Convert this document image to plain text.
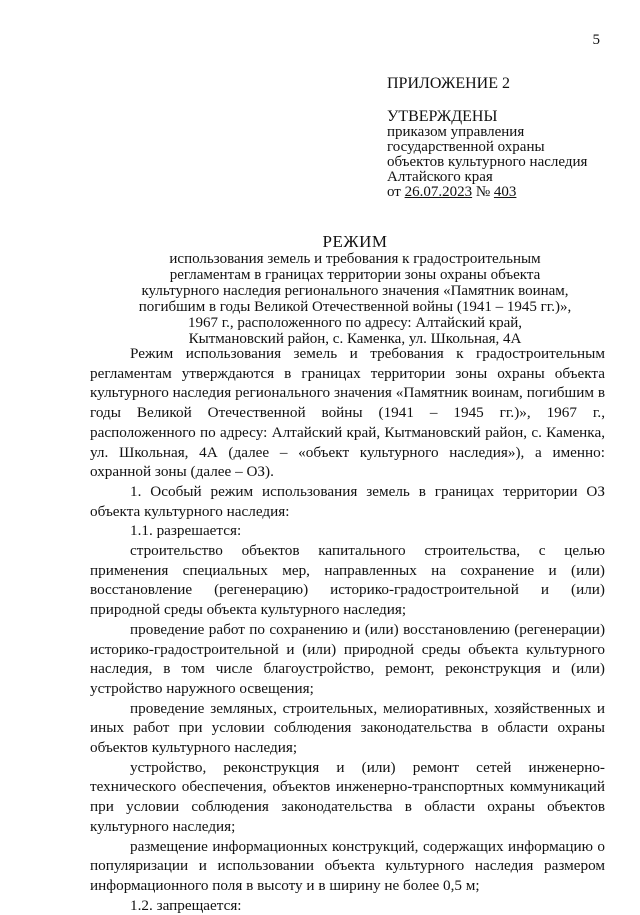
5
ПРИЛОЖЕНИЕ 2
УТВЕРЖДЕНЫ
приказом управления
государственной охраны
объектов культурного наследия
Алтайского края
от 26.07.2023 № 403
РЕЖИМ
использования земель и требования к градостроительным
регламентам в границах территории зоны охраны объекта
культурного наследия регионального значения «Памятник воинам,
погибшим в годы Великой Отечественной войны (1941 – 1945 гг.)»,
1967 г., расположенного по адресу: Алтайский край,
Кытмановский район, с. Каменка, ул. Школьная, 4А

Режим использования земель и требования к градостроительным регламентам утверждаются в границах территории зоны охраны объекта культурного наследия регионального значения «Памятник воинам, погибшим в годы Великой Отечественной войны (1941 – 1945 гг.)», 1967 г., расположенного по адресу: Алтайский край, Кытмановский район, с. Каменка, ул. Школьная, 4А (далее – «объект культурного наследия»), а именно: охранной зоны (далее – ОЗ).

1. Особый режим использования земель в границах территории ОЗ объекта культурного наследия:

1.1. разрешается:

строительство объектов капитального строительства, с целью применения специальных мер, направленных на сохранение и (или) восстановление (регенерацию) историко-градостроительной и (или) природной среды объекта культурного наследия;

проведение работ по сохранению и (или) восстановлению (регенерации) историко-градостроительной и (или) природной среды объекта культурного наследия, в том числе благоустройство, ремонт, реконструкция и (или) устройство наружного освещения;

проведение земляных, строительных, мелиоративных, хозяйственных и иных работ при условии соблюдения законодательства в области охраны объектов культурного наследия;

устройство, реконструкция и (или) ремонт сетей инженерно-технического обеспечения, объектов инженерно-транспортных коммуникаций при условии соблюдения законодательства в области охраны объектов культурного наследия;

размещение информационных конструкций, содержащих информацию о популяризации и использовании объекта культурного наследия размером информационного поля в высоту и в ширину не более 0,5 м;

1.2. запрещается:
